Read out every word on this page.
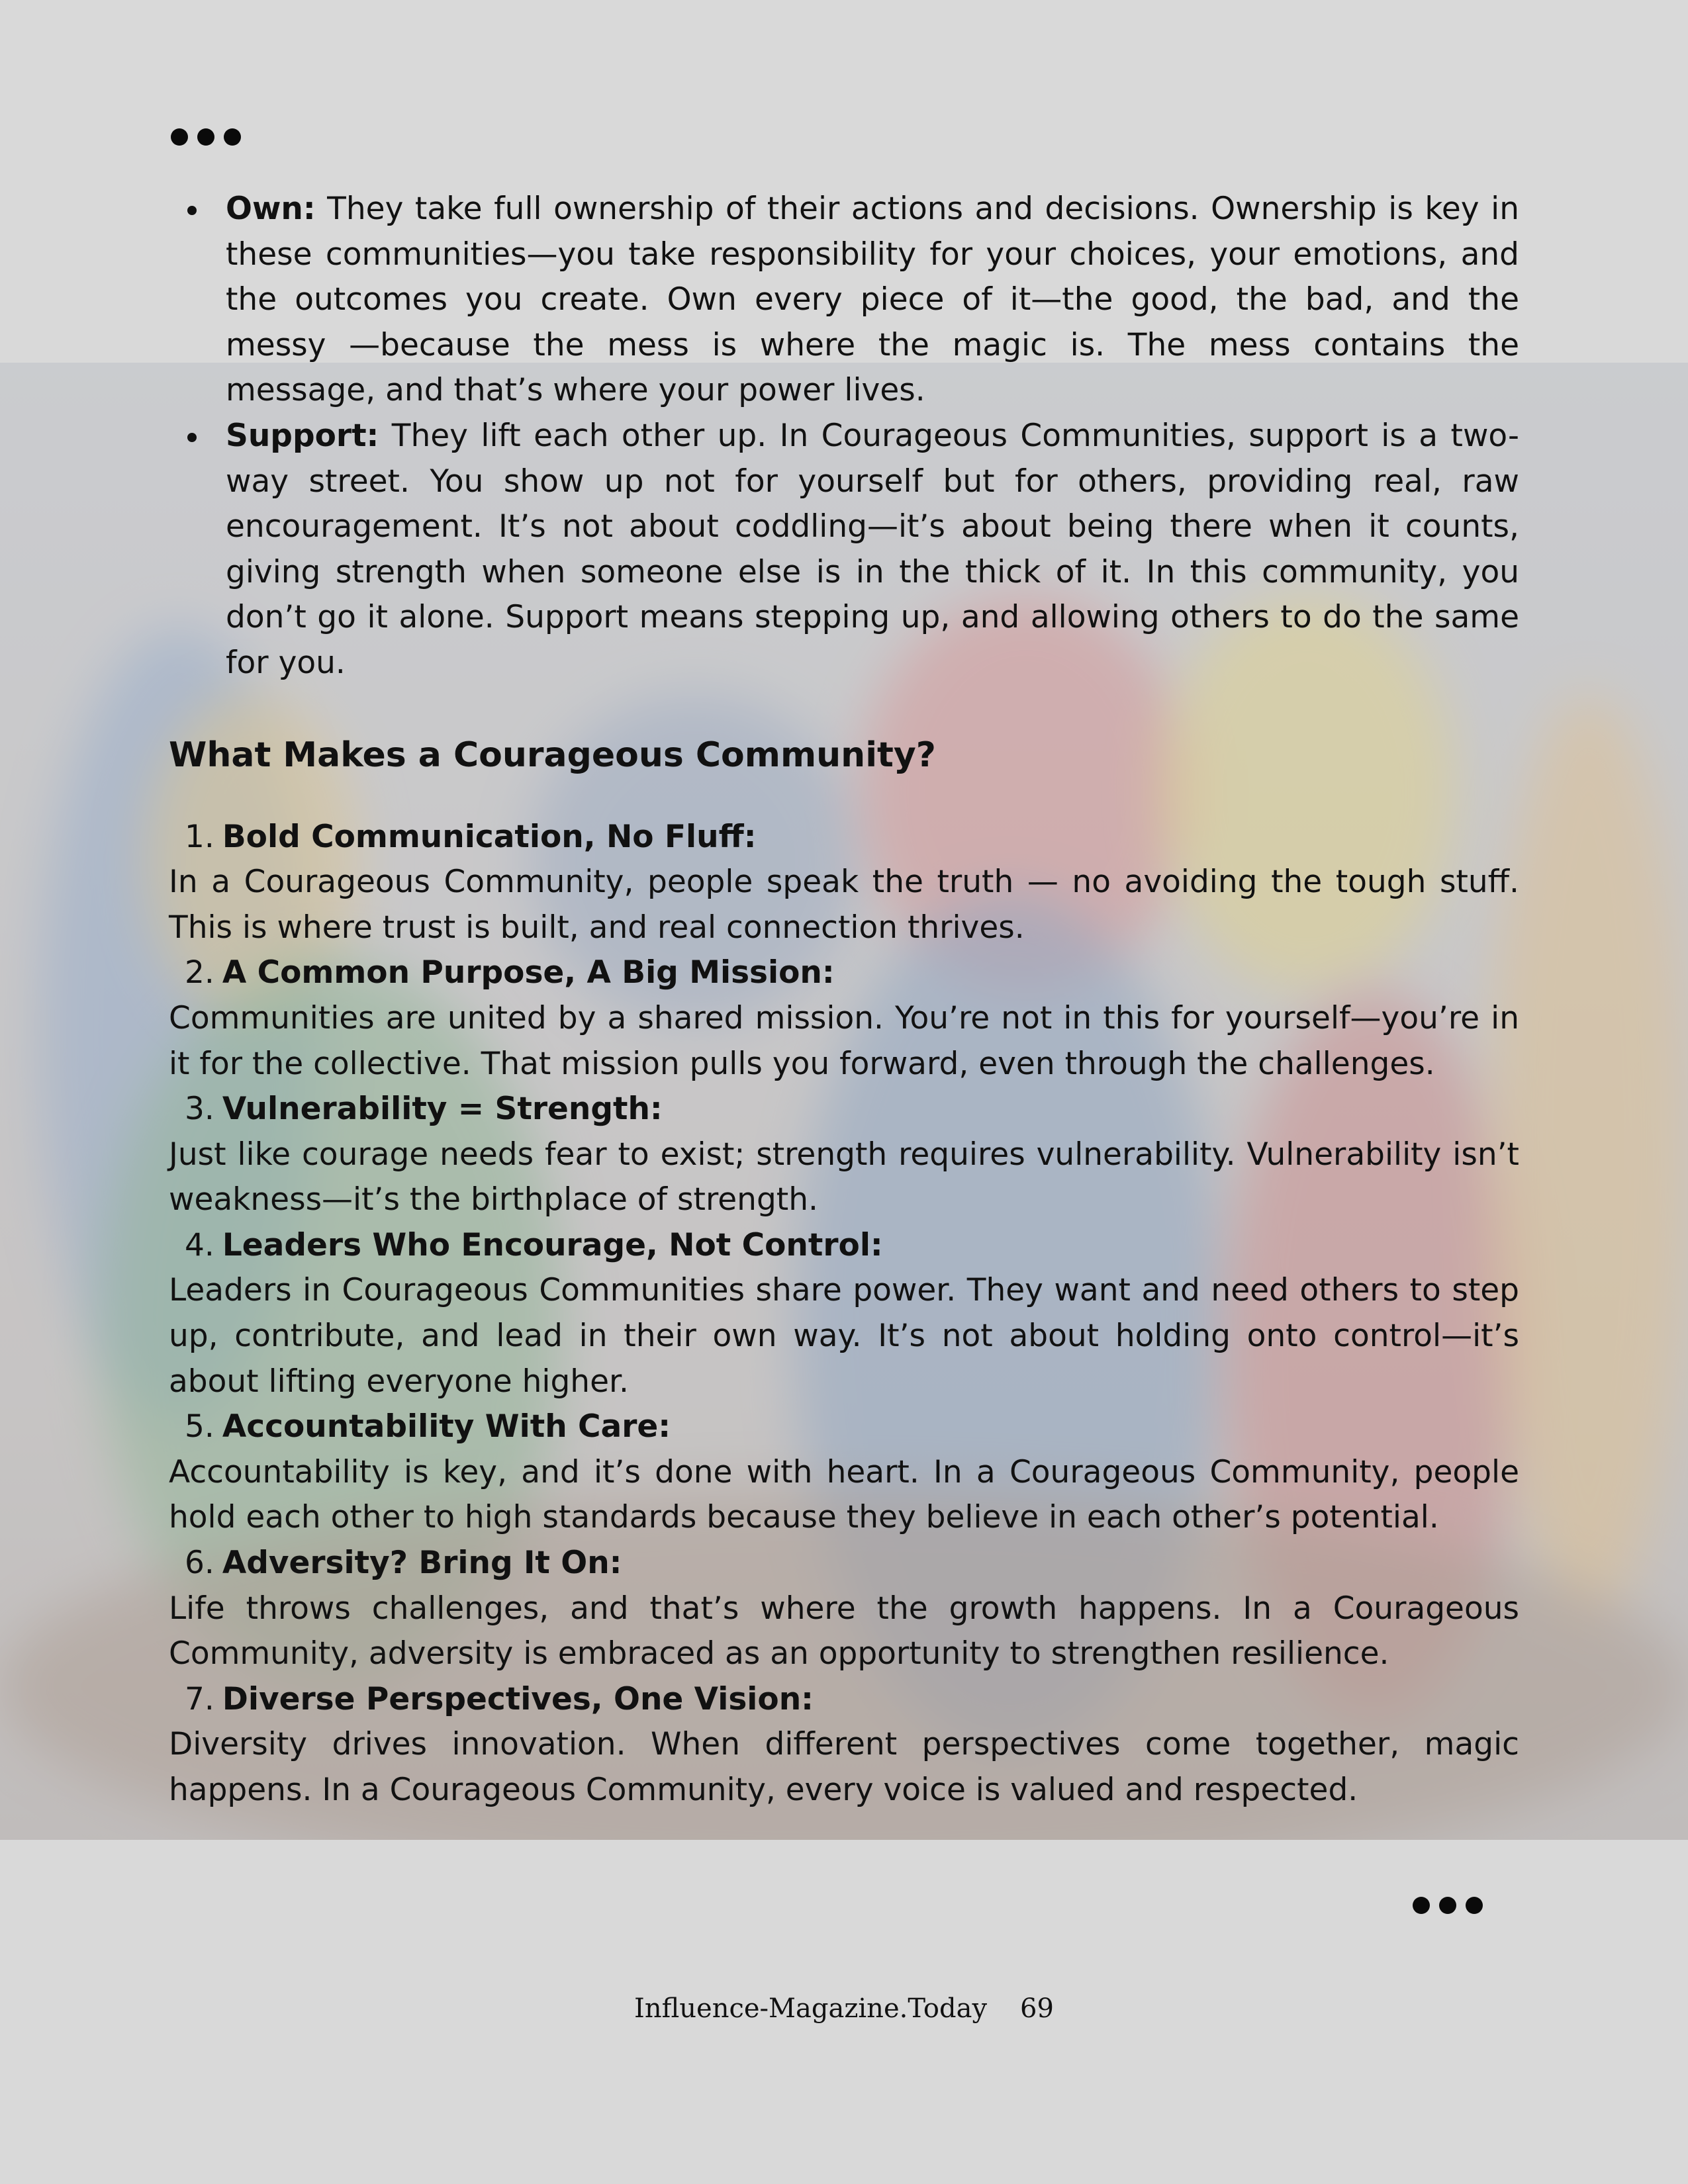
Own: They take full ownership of their actions and decisions. Ownership is key in these communities—you take responsibility for your choices, your emotions, and the outcomes you create. Own every piece of it—the good, the bad, and the messy —because the mess is where the magic is. The mess contains the message, and that’s where your power lives.
Support: They lift each other up. In Courageous Communities, support is a two-way street. You show up not for yourself but for others, providing real, raw encouragement. It’s not about coddling—it’s about being there when it counts, giving strength when someone else is in the thick of it. In this community, you don’t go it alone. Support means stepping up, and allowing others to do the same for you.
What Makes a Courageous Community?
1. Bold Communication, No Fluff:
In a Courageous Community, people speak the truth — no avoiding the tough stuff. This is where trust is built, and real connection thrives.
2. A Common Purpose, A Big Mission:
Communities are united by a shared mission. You’re not in this for yourself—you’re in it for the collective. That mission pulls you forward, even through the challenges.
3. Vulnerability = Strength:
Just like courage needs fear to exist; strength requires vulnerability. Vulnerability isn’t weakness—it’s the birthplace of strength.
4. Leaders Who Encourage, Not Control:
Leaders in Courageous Communities share power. They want and need others to step up, contribute, and lead in their own way. It’s not about holding onto control—it’s about lifting everyone higher.
5. Accountability With Care:
Accountability is key, and it’s done with heart. In a Courageous Community, people hold each other to high standards because they believe in each other’s potential.
6. Adversity? Bring It On:
Life throws challenges, and that’s where the growth happens. In a Courageous Community, adversity is embraced as an opportunity to strengthen resilience.
7. Diverse Perspectives, One Vision:
Diversity drives innovation. When different perspectives come together, magic happens. In a Courageous Community, every voice is valued and respected.
Influence-Magazine.Today 69
